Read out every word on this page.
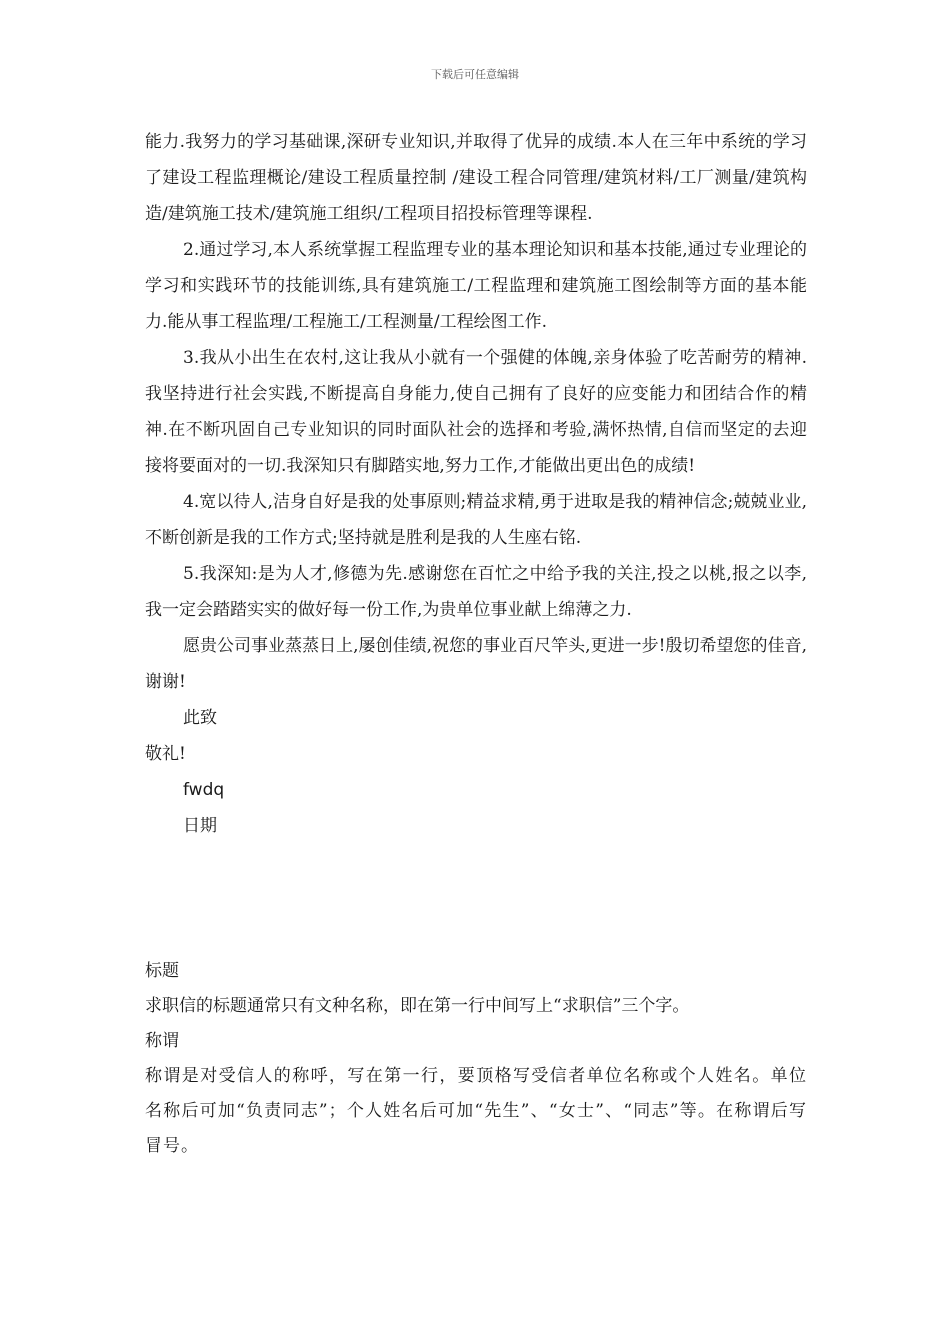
下载后可任意编辑

能力.我努力的学习基础课,深研专业知识,并取得了优异的成绩.本人在三年中系统的学习了建设工程监理概论/建设工程质量控制 /建设工程合同管理/建筑材料/工厂测量/建筑构造/建筑施工技术/建筑施工组织/工程项目招投标管理等课程.

2.通过学习,本人系统掌握工程监理专业的基本理论知识和基本技能,通过专业理论的学习和实践环节的技能训练,具有建筑施工/工程监理和建筑施工图绘制等方面的基本能力.能从事工程监理/工程施工/工程测量/工程绘图工作.

3.我从小出生在农村,这让我从小就有一个强健的体魄,亲身体验了吃苦耐劳的精神.我坚持进行社会实践,不断提高自身能力,使自己拥有了良好的应变能力和团结合作的精神.在不断巩固自己专业知识的同时面队社会的选择和考验,满怀热情,自信而坚定的去迎接将要面对的一切.我深知只有脚踏实地,努力工作,才能做出更出色的成绩!

4.宽以待人,洁身自好是我的处事原则;精益求精,勇于进取是我的精神信念;兢兢业业,不断创新是我的工作方式;坚持就是胜利是我的人生座右铭.

5.我深知:是为人才,修德为先.感谢您在百忙之中给予我的关注,投之以桃,报之以李,我一定会踏踏实实的做好每一份工作,为贵单位事业献上绵薄之力.

愿贵公司事业蒸蒸日上,屡创佳绩,祝您的事业百尺竿头,更进一步!殷切希望您的佳音,谢谢!

此致

敬礼!

fwdq

日期

标题

求职信的标题通常只有文种名称，即在第一行中间写上“求职信”三个字。

称谓

称谓是对受信人的称呼，写在第一行，要顶格写受信者单位名称或个人姓名。单位名称后可加“负责同志”；个人姓名后可加“先生”、“女士”、“同志”等。在称谓后写冒号。
